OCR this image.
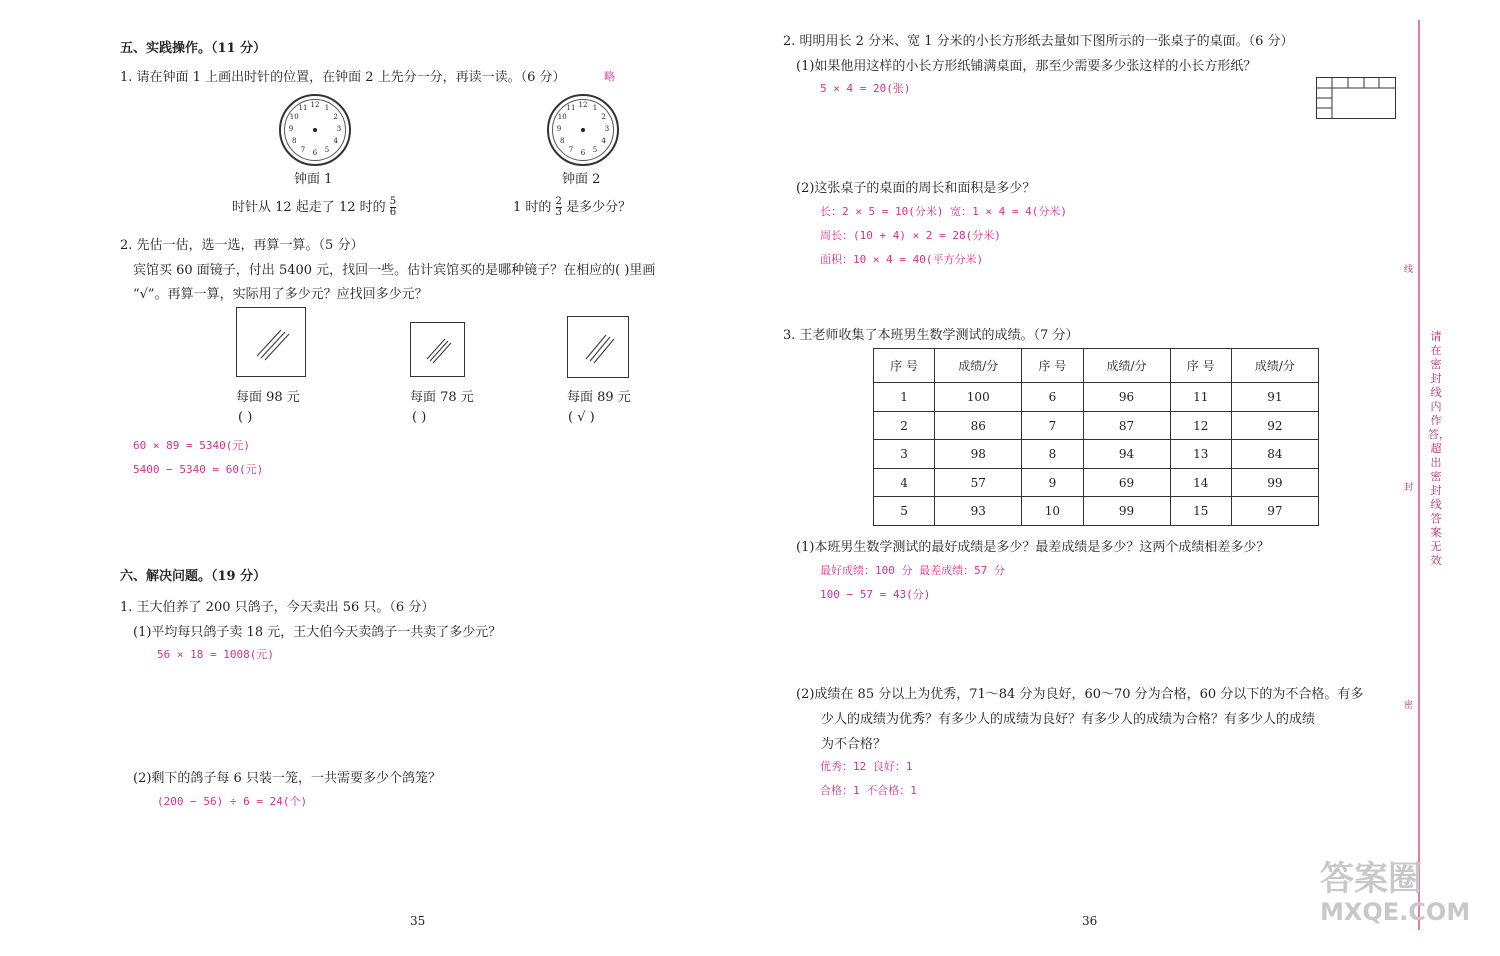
五、实践操作。（11 分）
1. 请在钟面 1 上画出时针的位置，在钟面 2 上先分一分，再读一读。（6 分）	略
12 1
2
3
4
5
6
7
8
9
10
11	12 1
2
3
4
5
6
7
8
9
10
11
钟面 1	钟面 2
时针从 12 起走了 12 时的 $\frac{5}{6}$	1 时的 $\frac{2}{3}$ 是多少分？
2. 先估一估，选一选，再算一算。（5 分）
宾馆买 60 面镜子，付出 5400 元，找回一些。估计宾馆买的是哪种镜子？在相应的( )里画
“√”。再算一算，实际用了多少元？应找回多少元？
每面 98 元	每面 78 元	每面 89 元
( )	( )	( √ )
60 × 89 = 5340(元)
5400 − 5340 = 60(元)
六、解决问题。（19 分）
1. 王大伯养了 200 只鸽子，今天卖出 56 只。（6 分）
(1)平均每只鸽子卖 18 元，王大伯今天卖鸽子一共卖了多少元？
56 × 18 = 1008(元)
(2)剩下的鸽子每 6 只装一笼，一共需要多少个鸽笼？
(200 − 56) ÷ 6 = 24(个)
35
2. 明明用长 2 分米、宽 1 分米的小长方形纸去量如下图所示的一张桌子的桌面。（6 分）
(1)如果他用这样的小长方形纸铺满桌面，那至少需要多少张这样的小长方形纸？
5 × 4 = 20(张)
(2)这张桌子的桌面的周长和面积是多少？
长：2 × 5 = 10(分米) 宽：1 × 4 = 4(分米)
周长：(10 + 4) × 2 = 28(分米)
面积：10 × 4 = 40(平方分米)
3. 王老师收集了本班男生数学测试的成绩。（7 分）
序 号	成绩/分	序 号	成绩/分	序 号	成绩/分
1	100	6	96	11	91
2	86	7	87	12	92
3	98	8	94	13	84
4	57	9	69	14	99
5	93	10	99	15	97
(1)本班男生数学测试的最好成绩是多少？最差成绩是多少？这两个成绩相差多少？
最好成绩：100 分 最差成绩：57 分
100 − 57 = 43(分)
(2)成绩在 85 分以上为优秀，71～84 分为良好，60～70 分为合格，60 分以下的为不合格。有多
少人的成绩为优秀？有多少人的成绩为良好？有多少人的成绩为合格？有多少人的成绩
为不合格？
优秀：12 良好：1
合格：1 不合格：1
36
线
封
密
请在密封线内作答，超出密封线答案无效
答案圈
MXQE.COM
